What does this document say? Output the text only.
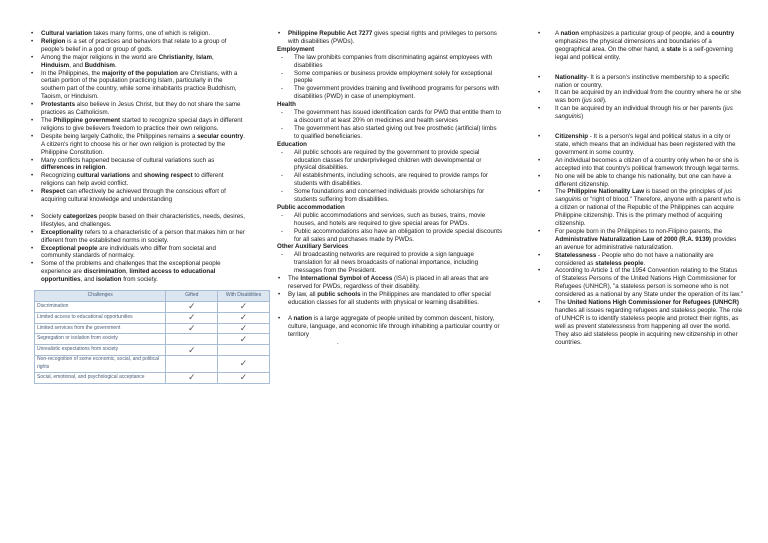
• Cultural variation takes many forms, one of which is religion.
• Religion is a set of practices and behaviors that relate to a group of people's belief in a god or group of gods.
• Among the major religions in the world are Christianity, Islam, Hinduism, and Buddhism.
• In the Philippines, the majority of the population are Christians, with a certain portion of the population practicing Islam, particularly in the southern part of the country, while some inhabitants practice Buddhism, Taoism, or Hinduism.
• Protestants also believe in Jesus Christ, but they do not share the same practices as Catholicism.
• The Philippine government started to recognize special days in different religions to give believers freedom to practice their own religions.
• Despite being largely Catholic, the Philippines remains a secular country. A citizen's right to choose his or her own religion is protected by the Philippine Constitution.
• Many conflicts happened because of cultural variations such as differences in religion.
• Recognizing cultural variations and showing respect to different religions can help avoid conflict.
• Respect can effectively be achieved through the conscious effort of acquiring cultural knowledge and understanding
• Society categorizes people based on their characteristics, needs, desires, lifestyles, and challenges.
• Exceptionality refers to a characteristic of a person that makes him or her different from the established norms in society.
• Exceptional people are individuals who differ from societal and community standards of normalcy.
• Some of the problems and challenges that the exceptional people experience are discrimination, limited access to educational opportunities, and isolation from society.
Challenges	Gifted	With Disabilities
Discrimination	✓	✓
Limited access to educational opportunities	✓	✓
Limited services from the government	✓	✓
Segregation or isolation from society		✓
Unrealistic expectations from society	✓	
Non-recognition of some economic, social, and political rights		✓
Social, emotional, and psychological acceptance	✓	✓
• Philippine Republic Act 7277 gives special rights and privileges to persons with disabilities (PWDs).
Employment
- The law prohibits companies from discriminating against employees with disabilities
- Some companies or business provide employment solely for exceptional people
- The government provides training and livelihood programs for persons with disabilities (PWD) in case of unemployment.
Health
- The government has issued identification cards for PWD that entitle them to a discount of at least 20% on medicines and health services
- The government has also started giving out free prosthetic (artificial) limbs to qualified beneficiaries.
Education
- All public schools are required by the government to provide special education classes for underprivileged children with developmental or physical disabilities.
- All establishments, including schools, are required to provide ramps for students with disabilities.
- Some foundations and concerned individuals provide scholarships for students suffering from disabilities.
Public accommodation
- All public accommodations and services, such as buses, trains, movie houses, and hotels are required to give special areas for PWDs.
- Public accommodations also have an obligation to provide special discounts for all sales and purchases made by PWDs.
Other Auxiliary Services
- All broadcasting networks are required to provide a sign language translation for all news broadcasts of national importance, including messages from the President.
• The International Symbol of Access (ISA) is placed in all areas that are reserved for PWDs, regardless of their disability.
• By law, all public schools in the Philippines are mandated to offer special education classes for all students with physical or learning disabilities.
• A nation is a large aggregate of people united by common descent, history, culture, language, and economic life through inhabiting a particular country or territory
.
• A nation emphasizes a particular group of people, and a country emphasizes the physical dimensions and boundaries of a geographical area. On the other hand, a state is a self-governing legal and political entity.
• Nationality- It is a person's instinctive membership to a specific nation or country.
• It can be acquired by an individual from the country where he or she was born (jus soli).
• It can be acquired by an individual through his or her parents (jus sanguinis)
• Citizenship - It is a person's legal and political status in a city or state, which means that an individual has been registered with the government in some country.
• An individual becomes a citizen of a country only when he or she is accepted into that country's political framework through legal terms.
• No one will be able to change his nationality, but one can have a different citizenship.
• The Philippine Nationality Law is based on the principles of jus sanguinis or "right of blood." Therefore, anyone with a parent who is a citizen or national of the Republic of the Philippines can acquire Philippine citizenship. This is the primary method of acquiring citizenship.
• For people born in the Philippines to non-Filipino parents, the Administrative Naturalization Law of 2000 (R.A. 9139) provides an avenue for administrative naturalization.
• Statelessness - People who do not have a nationality are considered as stateless people.
• According to Article 1 of the 1954 Convention relating to the Status of Stateless Persons of the United Nations High Commissioner for Refugees (UNHCR), "a stateless person is someone who is not considered as a national by any State under the operation of its law."
• The United Nations High Commissioner for Refugees (UNHCR) handles all issues regarding refugees and stateless people. The role of UNHCR is to identify stateless people and protect their rights, as well as prevent statelessness from happening all over the world. They also aid stateless people in acquiring new citizenship in other countries.
